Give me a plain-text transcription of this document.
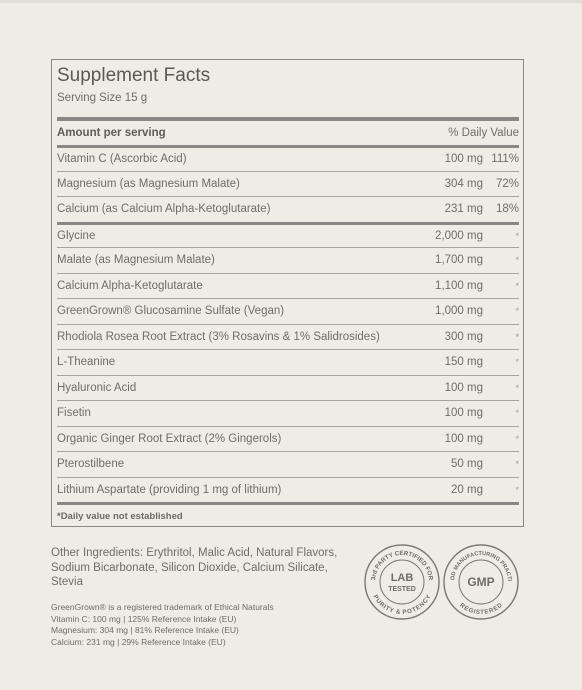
Supplement Facts
Serving Size 15 g
Amount per serving	% Daily Value
Vitamin C (Ascorbic Acid)	100 mg 111%
Magnesium (as Magnesium Malate)	304 mg	72%
Calcium (as Calcium Alpha-Ketoglutarate)	231 mg	18%
Glycine	2,000 mg	*
Malate (as Magnesium Malate)	1,700 mg	*
Calcium Alpha-Ketoglutarate	1,100 mg	*
GreenGrown® Glucosamine Sulfate (Vegan)	1,000 mg	*
Rhodiola Rosea Root Extract (3% Rosavins & 1% Salidrosides)	300 mg	*
L-Theanine	150 mg	*
Hyaluronic Acid	100 mg	*
Fisetin	100 mg	*
Organic Ginger Root Extract (2% Gingerols)	100 mg	*
Pterostilbene	50 mg	*
Lithium Aspartate (providing 1 mg of lithium)	20 mg	*
*Daily value not established
Other Ingredients: Erythritol, Malic Acid, Natural Flavors, Sodium Bicarbonate, Silicon Dioxide, Calcium Silicate, Stevia
GreenGrown® is a registered trademark of Ethical Naturals
Vitamin C: 100 mg | 125% Reference Intake (EU)
Magnesium: 304 mg | 81% Reference Intake (EU)
Calcium: 231 mg | 29% Reference Intake (EU)
3rd PARTY CERTIFIED FOR
PURITY & POTENCY
LAB
TESTED
OD MANUFACTURING PRACTI
REGISTERED
GMP
